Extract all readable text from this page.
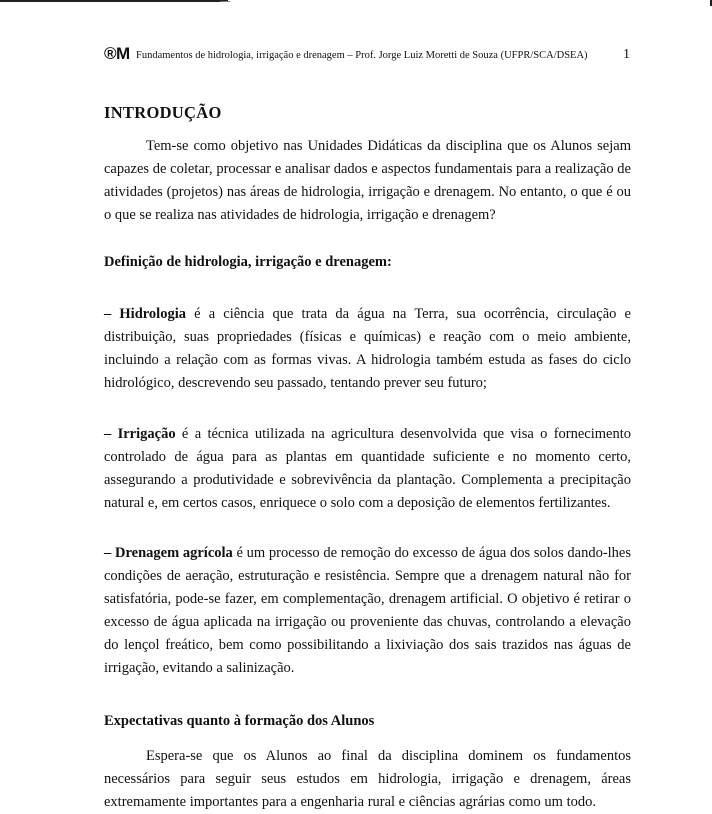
®M Fundamentos de hidrologia, irrigação e drenagem – Prof. Jorge Luiz Moretti de Souza (UFPR/SCA/DSEA)	1
INTRODUÇÃO

Tem-se como objetivo nas Unidades Didáticas da disciplina que os Alunos sejam capazes de coletar, processar e analisar dados e aspectos fundamentais para a realização de atividades (projetos) nas áreas de hidrologia, irrigação e drenagem. No entanto, o que é ou o que se realiza nas atividades de hidrologia, irrigação e drenagem?

Definição de hidrologia, irrigação e drenagem:

– Hidrologia é a ciência que trata da água na Terra, sua ocorrência, circulação e distribuição, suas propriedades (físicas e químicas) e reação com o meio ambiente, incluindo a relação com as formas vivas. A hidrologia também estuda as fases do ciclo hidrológico, descrevendo seu passado, tentando prever seu futuro;

– Irrigação é a técnica utilizada na agricultura desenvolvida que visa o fornecimento controlado de água para as plantas em quantidade suficiente e no momento certo, assegurando a produtividade e sobrevivência da plantação. Complementa a precipitação natural e, em certos casos, enriquece o solo com a deposição de elementos fertilizantes.

– Drenagem agrícola é um processo de remoção do excesso de água dos solos dando-lhes condições de aeração, estruturação e resistência. Sempre que a drenagem natural não for satisfatória, pode-se fazer, em complementação, drenagem artificial. O objetivo é retirar o excesso de água aplicada na irrigação ou proveniente das chuvas, controlando a elevação do lençol freático, bem como possibilitando a lixiviação dos sais trazidos nas águas de irrigação, evitando a salinização.

Expectativas quanto à formação dos Alunos

Espera-se que os Alunos ao final da disciplina dominem os fundamentos necessários para seguir seus estudos em hidrologia, irrigação e drenagem, áreas extremamente importantes para a engenharia rural e ciências agrárias como um todo.
